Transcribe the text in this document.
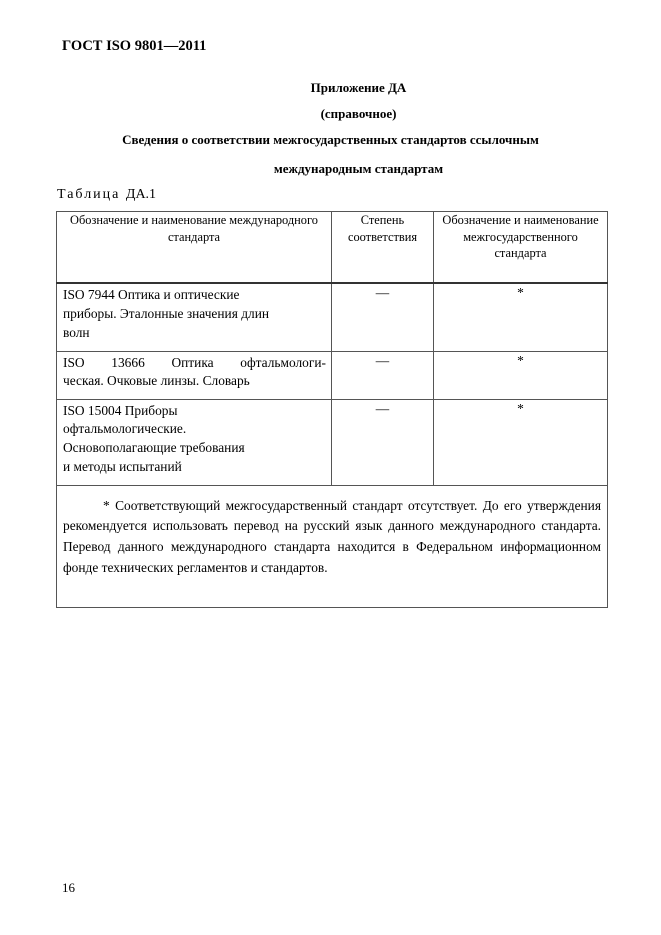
ГОСТ ISO 9801—2011
Приложение ДА
(справочное)
Сведения о соответствии межгосударственных стандартов ссылочным
международным стандартам
Таблица ДА.1
Обозначение и наименование международного стандарта	Степень соответствия	Обозначение и наименование межгосударственного стандарта

ISO 7944 Оптика и оптические
приборы. Эталонные значения длин
волн	—	*

ISO 13666 Оптика офтальмологи-
ческая. Очковые линзы. Словарь	—	*

ISO 15004 Приборы
офтальмологические.
Основополагающие требования
и методы испытаний	—	*
* Соответствующий межгосударственный стандарт отсутствует. До его утверждения рекомендуется использовать перевод на русский язык данного международного стандарта. Перевод данного международного стандарта находится в Федеральном информационном фонде технических регламентов и стандартов.		
16
